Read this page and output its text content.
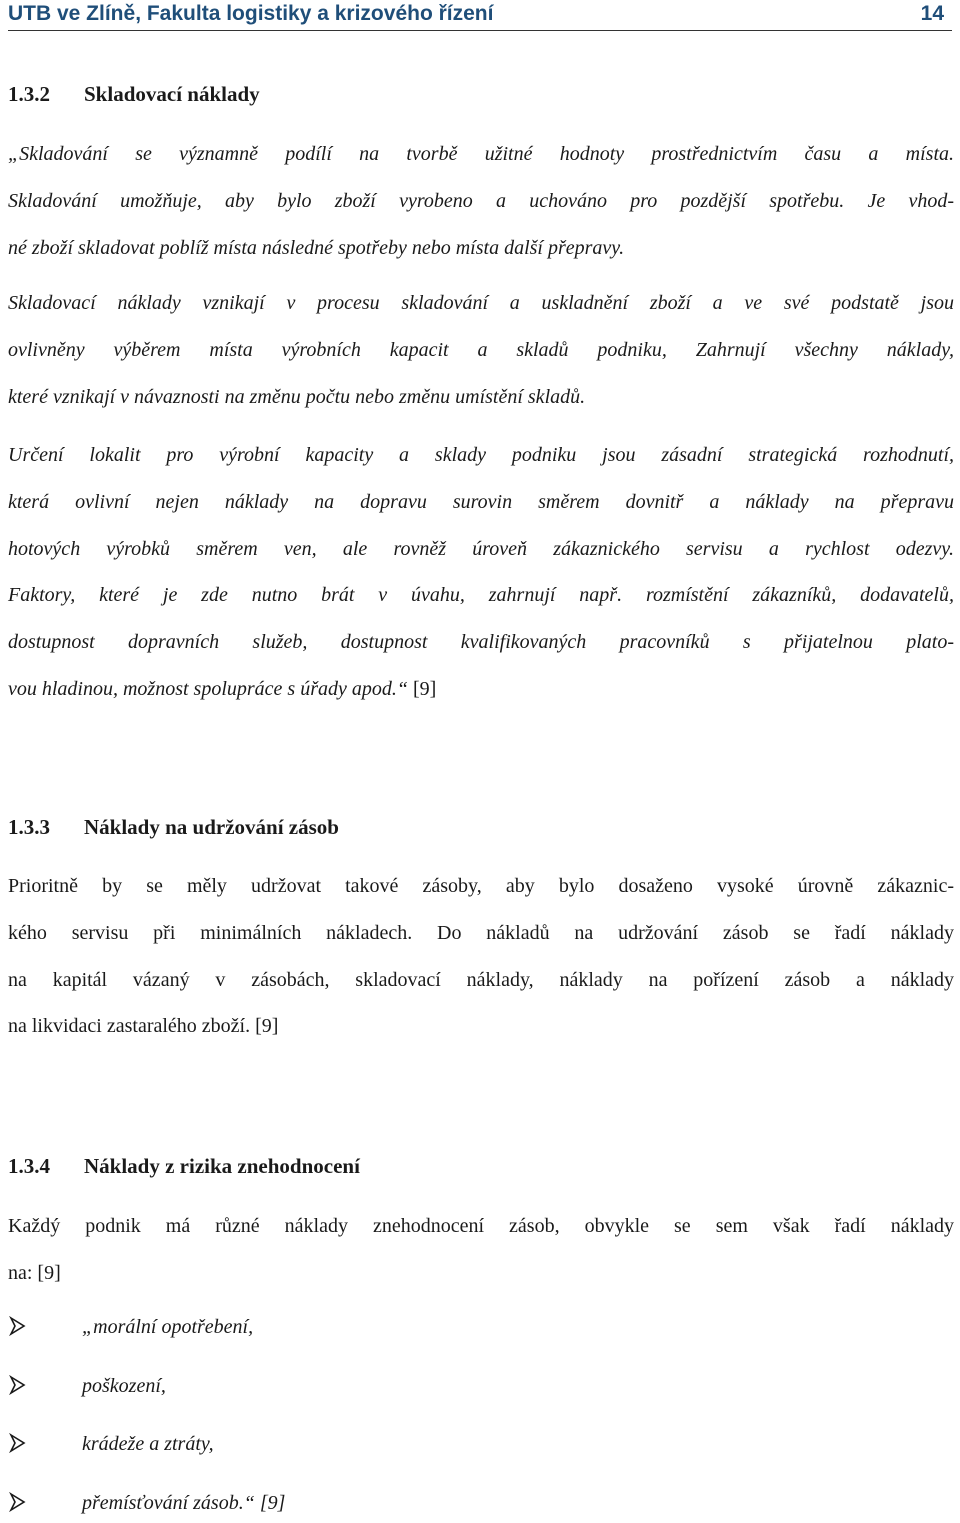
UTB ve Zlíně, Fakulta logistiky a krizového řízení	14
1.3.2 Skladovací náklady
„Skladování se významně podílí na tvorbě užitné hodnoty prostřednictvím času a místa.
Skladování umožňuje, aby bylo zboží vyrobeno a uchováno pro pozdější spotřebu. Je vhod-
né zboží skladovat poblíž místa následné spotřeby nebo místa další přepravy.
Skladovací náklady vznikají v procesu skladování a uskladnění zboží a ve své podstatě jsou
ovlivněny výběrem místa výrobních kapacit a skladů podniku, Zahrnují všechny náklady,
které vznikají v návaznosti na změnu počtu nebo změnu umístění skladů.
Určení lokalit pro výrobní kapacity a sklady podniku jsou zásadní strategická rozhodnutí,
která ovlivní nejen náklady na dopravu surovin směrem dovnitř a náklady na přepravu
hotových výrobků směrem ven, ale rovněž úroveň zákaznického servisu a rychlost odezvy.
Faktory, které je zde nutno brát v úvahu, zahrnují např. rozmístění zákazníků, dodavatelů,
dostupnost dopravních služeb, dostupnost kvalifikovaných pracovníků s přijatelnou plato-
vou hladinou, možnost spolupráce s úřady apod.“ [9]
1.3.3 Náklady na udržování zásob
Prioritně by se měly udržovat takové zásoby, aby bylo dosaženo vysoké úrovně zákaznic-
kého servisu při minimálních nákladech. Do nákladů na udržování zásob se řadí náklady
na kapitál vázaný v zásobách, skladovací náklady, náklady na pořízení zásob a náklady
na likvidaci zastaralého zboží. [9]
1.3.4 Náklady z rizika znehodnocení
Každý podnik má různé náklady znehodnocení zásob, obvykle se sem však řadí náklady
na: [9]
„morální opotřebení,
poškození,
krádeže a ztráty,
přemísťování zásob.“ [9]
